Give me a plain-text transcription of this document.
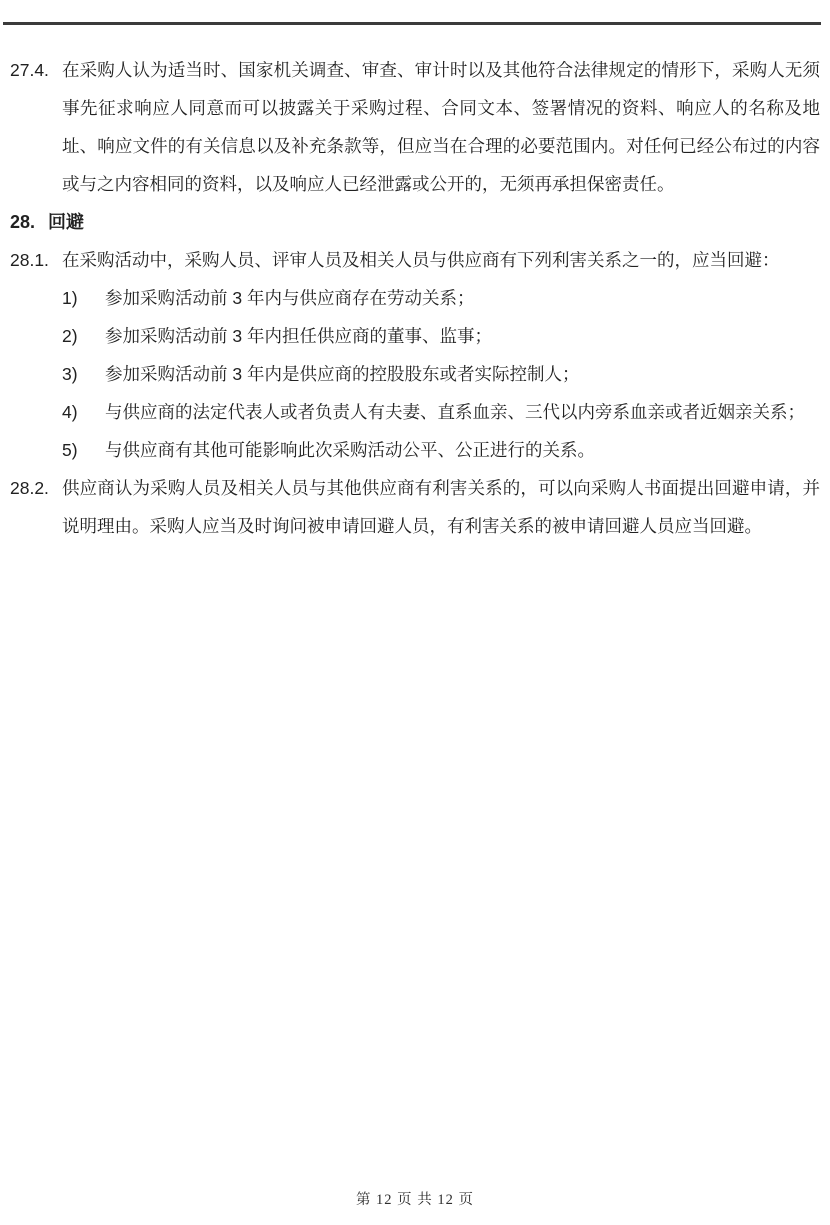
27.4. 在采购人认为适当时、国家机关调查、审查、审计时以及其他符合法律规定的情形下，采购人无须事先征求响应人同意而可以披露关于采购过程、合同文本、签署情况的资料、响应人的名称及地址、响应文件的有关信息以及补充条款等，但应当在合理的必要范围内。对任何已经公布过的内容或与之内容相同的资料，以及响应人已经泄露或公开的，无须再承担保密责任。
28. 回避
28.1. 在采购活动中，采购人员、评审人员及相关人员与供应商有下列利害关系之一的，应当回避：
1)	参加采购活动前 3 年内与供应商存在劳动关系；
2)	参加采购活动前 3 年内担任供应商的董事、监事；
3)	参加采购活动前 3 年内是供应商的控股股东或者实际控制人；
4)	与供应商的法定代表人或者负责人有夫妻、直系血亲、三代以内旁系血亲或者近姻亲关系；
5)	与供应商有其他可能影响此次采购活动公平、公正进行的关系。
28.2. 供应商认为采购人员及相关人员与其他供应商有利害关系的，可以向采购人书面提出回避申请，并说明理由。采购人应当及时询问被申请回避人员，有利害关系的被申请回避人员应当回避。
第 12 页 共 12 页
